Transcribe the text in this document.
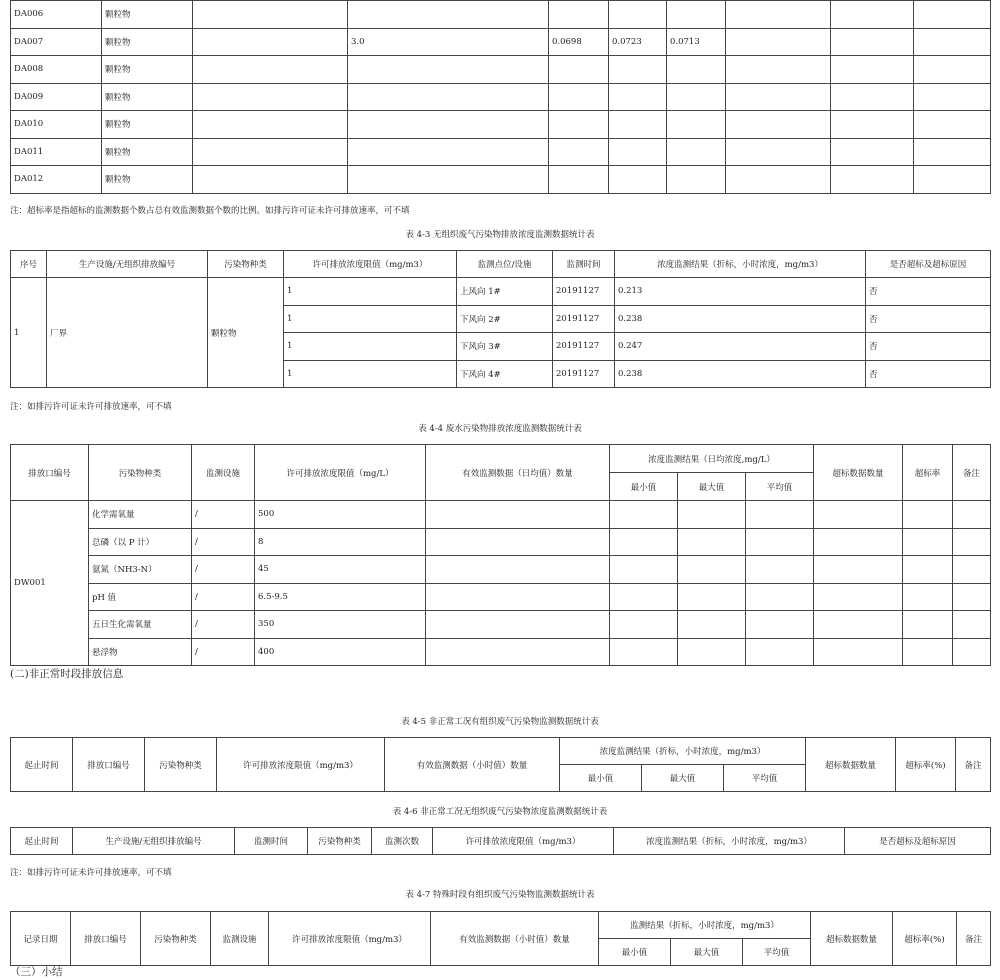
DA006	颗粒物								
DA007	颗粒物		3.0	0.0698	0.0723	0.0713			
DA008	颗粒物								
DA009	颗粒物								
DA010	颗粒物								
DA011	颗粒物								
DA012	颗粒物								
注：超标率是指超标的监测数据个数占总有效监测数据个数的比例。如排污许可证未许可排放速率，可不填
表 4-3 无组织废气污染物排放浓度监测数据统计表
序号	生产设施/无组织排放编号	污染物种类	许可排放浓度限值（mg/m3）	监测点位/设施	监测时间	浓度监测结果（折标，小时浓度，mg/m3）	是否超标及超标原因
1	厂界	颗粒物	1	上风向 1#	20191127	0.213	否
			1	下风向 2#	20191127	0.238	否
			1	下风向 3#	20191127	0.247	否
			1	下风向 4#	20191127	0.238	否
注：如排污许可证未许可排放速率，可不填
表 4-4 废水污染物排放浓度监测数据统计表
排放口编号	污染物种类	监测设施	许可排放浓度限值（mg/L）	有效监测数据（日均值）数量	浓度监测结果（日均浓度,mg/L）			超标数据数量	超标率	备注
					最小值	最大值	平均值			
DW001	化学需氧量	/	500							
	总磷（以 P 计）	/	8							
	氨氮（NH3-N）	/	45							
	pH 值	/	6.5-9.5							
	五日生化需氧量	/	350							
	悬浮物	/	400							
(二)非正常时段排放信息
表 4-5 非正常工况有组织废气污染物监测数据统计表
起止时间	排放口编号	污染物种类	许可排放浓度限值（mg/m3）	有效监测数据（小时值）数量	浓度监测结果（折标，小时浓度，mg/m3）			超标数据数量	超标率(%)	备注
					最小值	最大值	平均值			
表 4-6 非正常工况无组织废气污染物浓度监测数据统计表
起止时间	生产设施/无组织排放编号	监测时间	污染物种类	监测次数	许可排放浓度限值（mg/m3）	浓度监测结果（折标，小时浓度，mg/m3）	是否超标及超标原因
注：如排污许可证未许可排放速率，可不填
表 4-7 特殊时段有组织废气污染物监测数据统计表
记录日期	排放口编号	污染物种类	监测设施	许可排放浓度限值（mg/m3）	有效监测数据（小时值）数量	监测结果（折标，小时浓度，mg/m3）			超标数据数量	超标率(%)	备注
						最小值	最大值	平均值			
（三）小结
